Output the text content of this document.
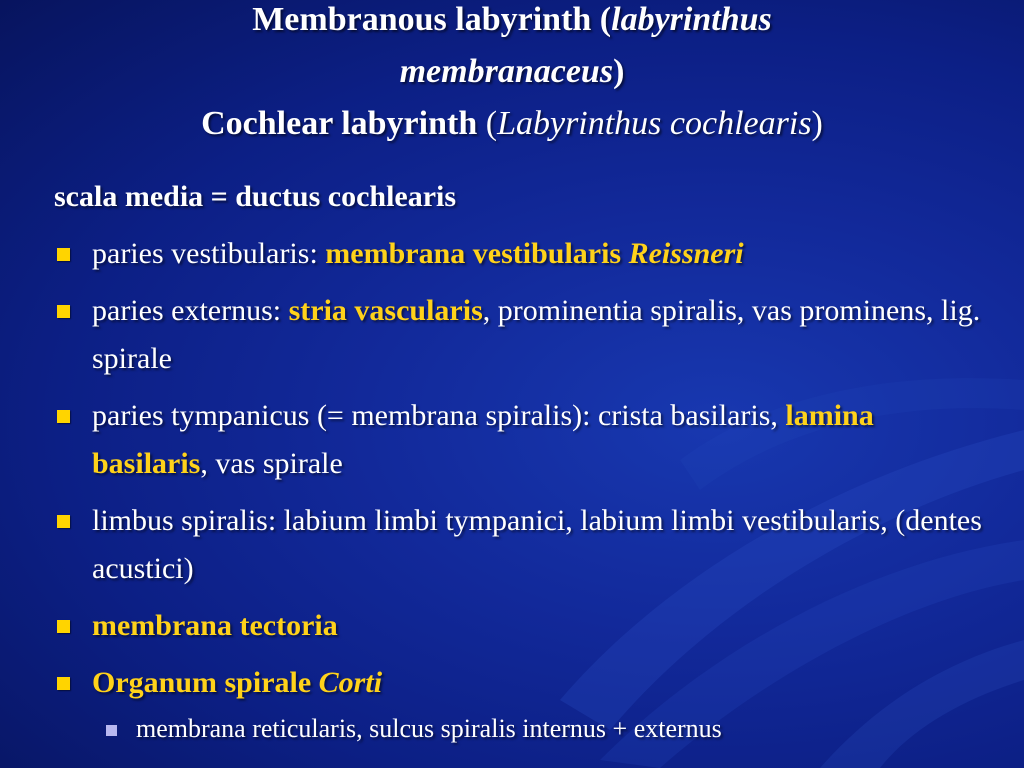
Membranous labyrinth (labyrinthus
membranaceus)
Cochlear labyrinth (Labyrinthus cochlearis)
scala media = ductus cochlearis
paries vestibularis: membrana vestibularis Reissneri
paries externus: stria vascularis, prominentia spiralis, vas prominens, lig. spirale
paries tympanicus (= membrana spiralis): crista basilaris, lamina basilaris, vas spirale
limbus spiralis: labium limbi tympanici, labium limbi vestibularis, (dentes acustici)
membrana tectoria
Organum spirale Corti
membrana reticularis, sulcus spiralis internus + externus
